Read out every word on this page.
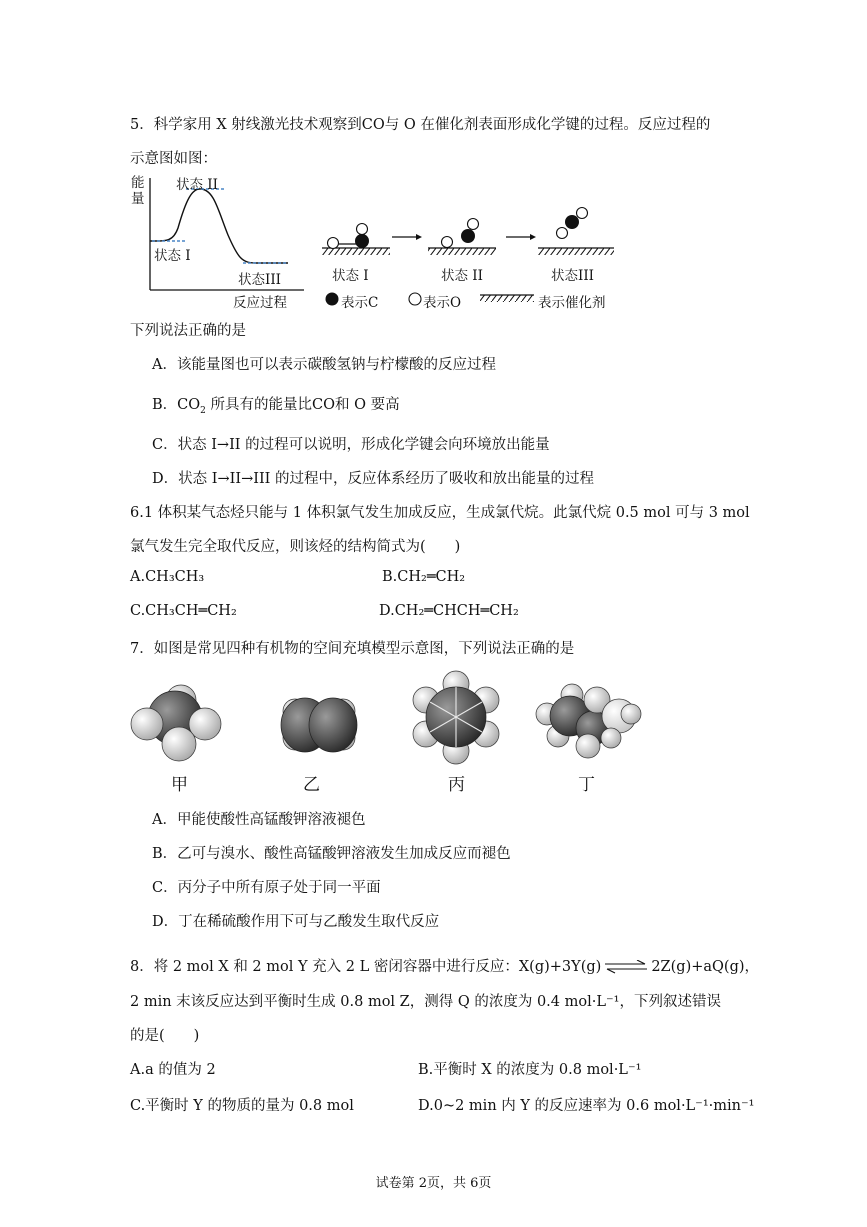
5．科学家用 X 射线激光技术观察到CO与 O 在催化剂表面形成化学键的过程。反应过程的
示意图如图：
能量
状态 II
状态 I
状态III
反应过程
状态 I	状态 II	状态III
表示C	表示O	表示催化剂
下列说法正确的是
A．该能量图也可以表示碳酸氢钠与柠檬酸的反应过程
B．$CO_2$ 所具有的能量比CO和 O 要高
C．状态 I→II 的过程可以说明，形成化学键会向环境放出能量
D．状态 I→II→III 的过程中，反应体系经历了吸收和放出能量的过程
6.1 体积某气态烃只能与 1 体积氯气发生加成反应，生成氯代烷。此氯代烷 0.5 mol 可与 3 mol
氯气发生完全取代反应，则该烃的结构简式为(　　)
A.CH₃CH₃	B.CH₂═CH₂
C.CH₃CH═CH₂	D.CH₂═CHCH═CH₂
7．如图是常见四种有机物的空间充填模型示意图，下列说法正确的是
甲	乙	丙	丁
A．甲能使酸性高锰酸钾溶液褪色
B．乙可与溴水、酸性高锰酸钾溶液发生加成反应而褪色
C．丙分子中所有原子处于同一平面
D．丁在稀硫酸作用下可与乙酸发生取代反应
8．将 2 mol X 和 2 mol Y 充入 2 L 密闭容器中进行反应：X(g)+3Y(g) ⇌ 2Z(g)+aQ(g)，
2 min 末该反应达到平衡时生成 0.8 mol Z，测得 Q 的浓度为 0.4 mol·L⁻¹，下列叙述错误
的是(　　)
A.a 的值为 2	B.平衡时 X 的浓度为 0.8 mol·L⁻¹
C.平衡时 Y 的物质的量为 0.8 mol	D.0~2 min 内 Y 的反应速率为 0.6 mol·L⁻¹·min⁻¹
试卷第 2页，共 6页
